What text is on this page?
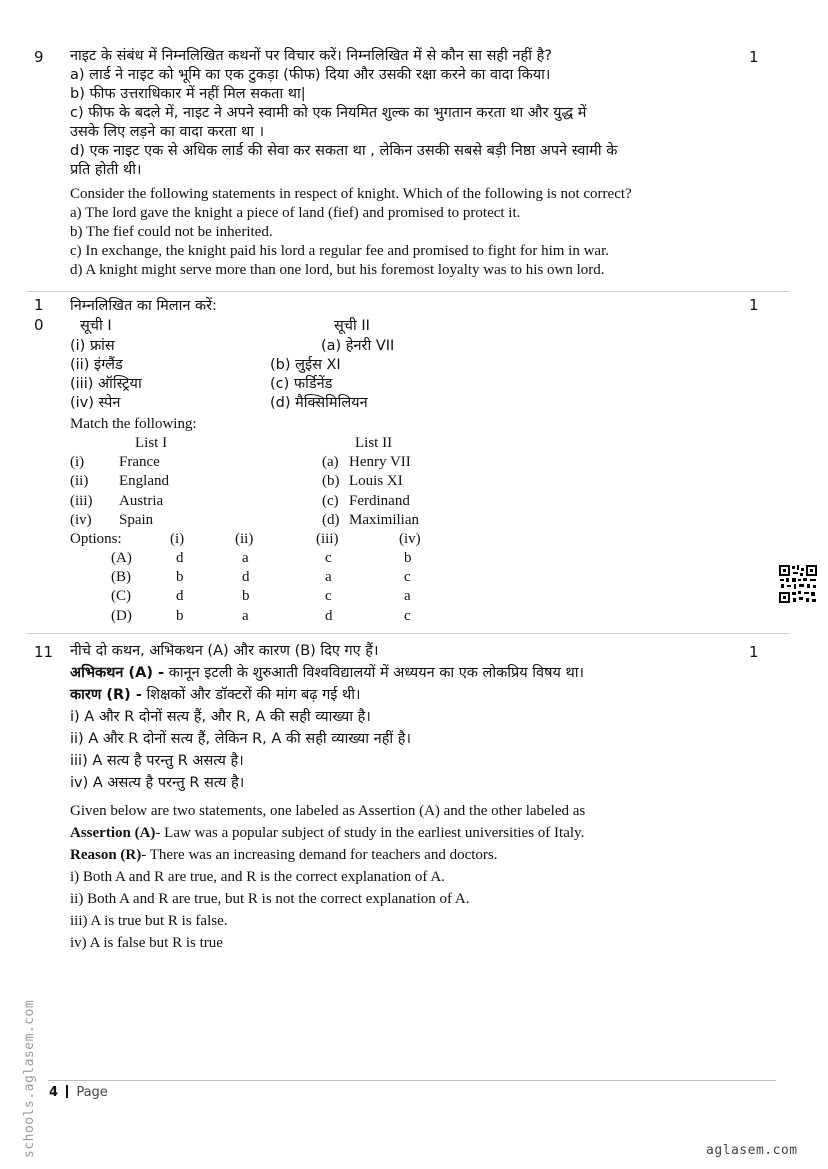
9	1
नाइट के संबंध में निम्नलिखित कथनों पर विचार करें। निम्नलिखित में से कौन सा सही नहीं है?
a) लार्ड ने नाइट को भूमि का एक टुकड़ा (फीफ) दिया और उसकी रक्षा करने का वादा किया।
b) फीफ उत्तराधिकार में नहीं मिल सकता था|
c) फीफ के बदले में, नाइट ने अपने स्वामी को एक नियमित शुल्क का भुगतान करता था और युद्ध में
उसके लिए लड़ने का वादा करता था ।
d) एक नाइट एक से अधिक लार्ड की सेवा कर सकता था , लेकिन उसकी सबसे बड़ी निष्ठा अपने स्वामी के
प्रति होती थी।
Consider the following statements in respect of knight. Which of the following is not correct?
a) The lord gave the knight a piece of land (fief) and promised to protect it.
b) The fief could not be inherited.
c) In exchange, the knight paid his lord a regular fee and promised to fight for him in war.
d) A knight might serve more than one lord, but his foremost loyalty was to his own lord.
1
0
1
निम्नलिखित का मिलान करें:
सूची I	सूची II
(i) फ्रांस	(a) हेनरी VII
(ii) इंग्लैंड	(b) लुईस XI
(iii) ऑस्ट्रिया	(c) फर्डिनेंड
(iv) स्पेन	(d) मैक्सिमिलियन
Match the following:
List I	List II
(i) France	(a) Henry VII
(ii) England	(b) Louis XI
(iii) Austria	(c) Ferdinand
(iv) Spain	(d) Maximilian
Options:	(i)	(ii)	(iii)	(iv)
(A)	d	a	c	b
(B)	b	d	a	c
(C)	d	b	c	a
(D)	b	a	d	c
11	1
नीचे दो कथन, अभिकथन (A) और कारण (B) दिए गए हैं।
अभिकथन (A) - कानून इटली के शुरुआती विश्वविद्यालयों में अध्ययन का एक लोकप्रिय विषय था।
कारण (R) - शिक्षकों और डॉक्टरों की मांग बढ़ गई थी।
i) A और R दोनों सत्य हैं, और R, A की सही व्याख्या है।
ii) A और R दोनों सत्य हैं, लेकिन R, A की सही व्याख्या नहीं है।
iii) A सत्य है परन्तु R असत्य है।
iv) A असत्य है परन्तु R सत्य है।
Given below are two statements, one labeled as Assertion (A) and the other labeled as
Assertion (A)- Law was a popular subject of study in the earliest universities of Italy.
Reason (R)- There was an increasing demand for teachers and doctors.
i) Both A and R are true, and R is the correct explanation of A.
ii) Both A and R are true, but R is not the correct explanation of A.
iii) A is true but R is false.
iv) A is false but R is true
schools.aglasem.com 4 Page
aglasem.com
